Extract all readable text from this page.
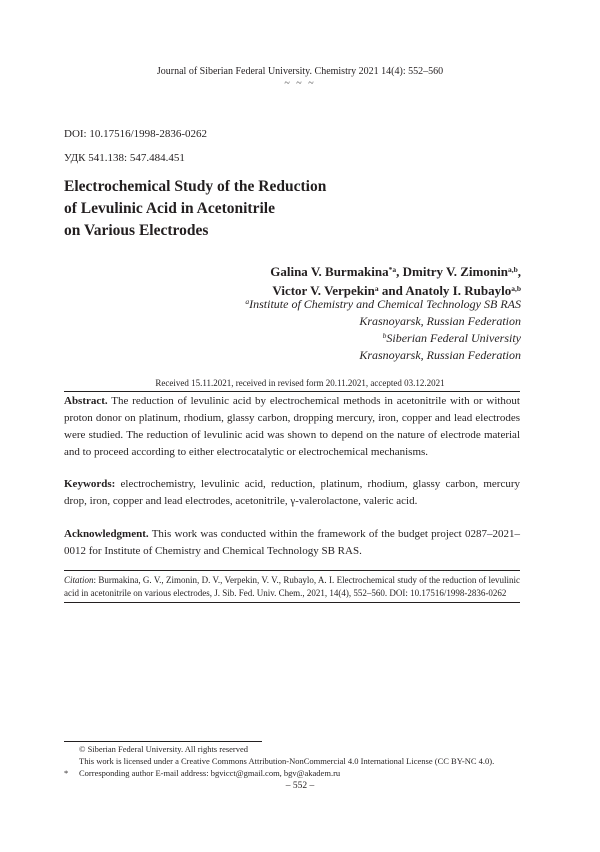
Journal of Siberian Federal University. Chemistry 2021 14(4): 552–560
~ ~ ~
DOI: 10.17516/1998-2836-0262
УДК 541.138: 547.484.451
Electrochemical Study of the Reduction
of Levulinic Acid in Acetonitrile
on Various Electrodes
Galina V. Burmakina$^{*a}$, Dmitry V. Zimonin$^{a,b}$,
Victor V. Verpekin$^a$ and Anatoly I. Rubaylo$^{a,b}$
$^a$Institute of Chemistry and Chemical Technology SB RAS
Krasnoyarsk, Russian Federation
$^b$Siberian Federal University
Krasnoyarsk, Russian Federation
Received 15.11.2021, received in revised form 20.11.2021, accepted 03.12.2021
Abstract. The reduction of levulinic acid by electrochemical methods in acetonitrile with or without proton donor on platinum, rhodium, glassy carbon, dropping mercury, iron, copper and lead electrodes were studied. The reduction of levulinic acid was shown to depend on the nature of electrode material and to proceed according to either electrocatalytic or electrochemical mechanisms.
Keywords: electrochemistry, levulinic acid, reduction, platinum, rhodium, glassy carbon, mercury drop, iron, copper and lead electrodes, acetonitrile, γ-valerolactone, valeric acid.
Acknowledgment. This work was conducted within the framework of the budget project 0287–2021–0012 for Institute of Chemistry and Chemical Technology SB RAS.
Citation: Burmakina, G. V., Zimonin, D. V., Verpekin, V. V., Rubaylo, A. I. Electrochemical study of the reduction of levulinic acid in acetonitrile on various electrodes, J. Sib. Fed. Univ. Chem., 2021, 14(4), 552–560. DOI: 10.17516/1998-2836-0262
© Siberian Federal University. All rights reserved
This work is licensed under a Creative Commons Attribution-NonCommercial 4.0 International License (CC BY-NC 4.0).
* Corresponding author E-mail address: bgvicct@gmail.com, bgv@akadem.ru
– 552 –
